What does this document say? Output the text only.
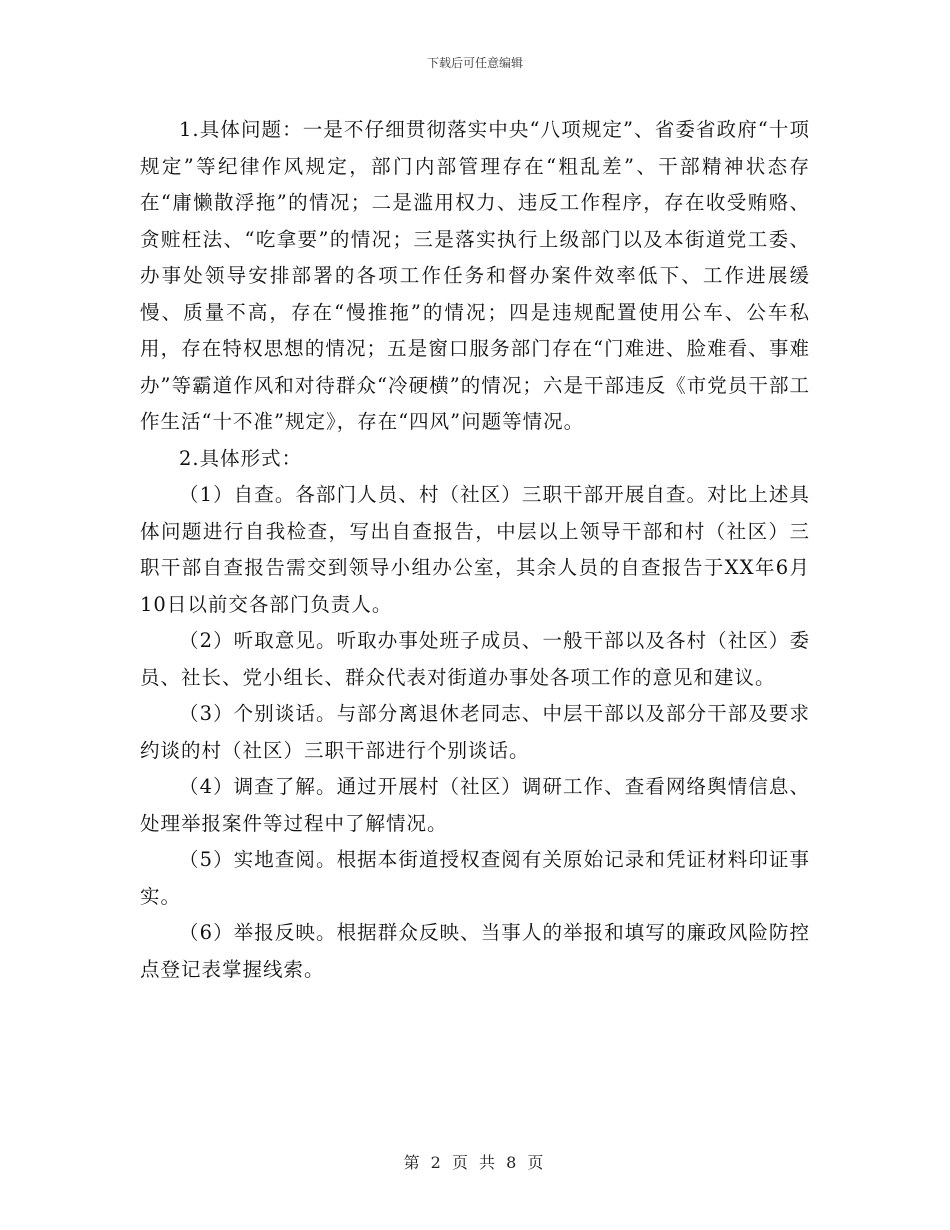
下载后可任意编辑

1.具体问题：一是不仔细贯彻落实中央“八项规定”、省委省政府“十项规定”等纪律作风规定，部门内部管理存在“粗乱差”、干部精神状态存在“庸懒散浮拖”的情况；二是滥用权力、违反工作程序，存在收受贿赂、贪赃枉法、“吃拿要”的情况；三是落实执行上级部门以及本街道党工委、办事处领导安排部署的各项工作任务和督办案件效率低下、工作进展缓慢、质量不高，存在“慢推拖”的情况；四是违规配置使用公车、公车私用，存在特权思想的情况；五是窗口服务部门存在“门难进、脸难看、事难办”等霸道作风和对待群众“冷硬横”的情况；六是干部违反《市党员干部工作生活“十不准”规定》，存在“四风”问题等情况。

2.具体形式：

（1）自查。各部门人员、村（社区）三职干部开展自查。对比上述具体问题进行自我检查，写出自查报告，中层以上领导干部和村（社区）三职干部自查报告需交到领导小组办公室，其余人员的自查报告于XX年6月10日以前交各部门负责人。

（2）听取意见。听取办事处班子成员、一般干部以及各村（社区）委员、社长、党小组长、群众代表对街道办事处各项工作的意见和建议。

（3）个别谈话。与部分离退休老同志、中层干部以及部分干部及要求约谈的村（社区）三职干部进行个别谈话。

（4）调查了解。通过开展村（社区）调研工作、查看网络舆情信息、处理举报案件等过程中了解情况。

（5）实地查阅。根据本街道授权查阅有关原始记录和凭证材料印证事实。

（6）举报反映。根据群众反映、当事人的举报和填写的廉政风险防控点登记表掌握线索。

第 2 页 共 8 页
